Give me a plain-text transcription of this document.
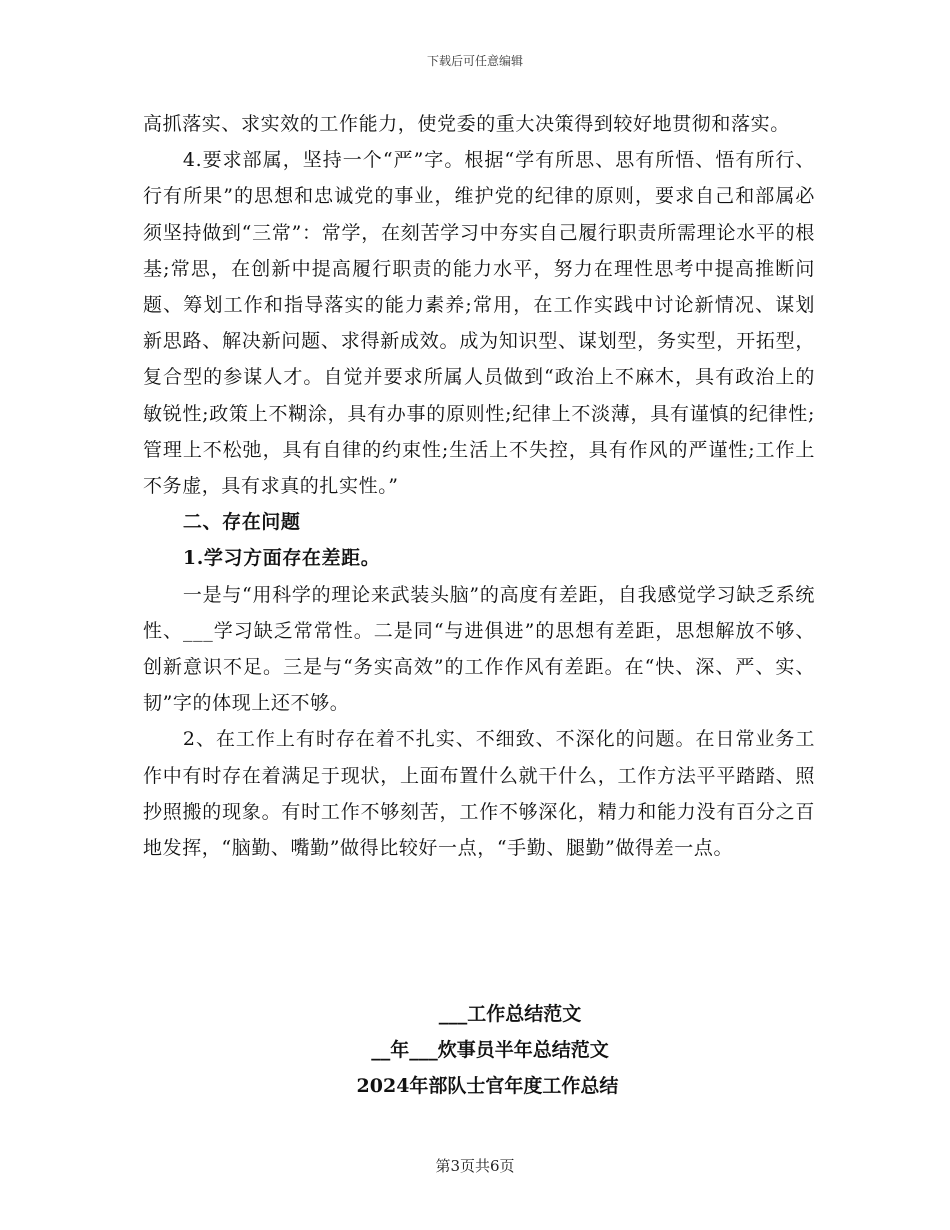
下载后可任意编辑

高抓落实、求实效的工作能力，使党委的重大决策得到较好地贯彻和落实。

4.要求部属，坚持一个“严”字。根据“学有所思、思有所悟、悟有所行、行有所果”的思想和忠诚党的事业，维护党的纪律的原则，要求自己和部属必须坚持做到“三常”：常学，在刻苦学习中夯实自己履行职责所需理论水平的根基;常思，在创新中提高履行职责的能力水平，努力在理性思考中提高推断问题、筹划工作和指导落实的能力素养;常用，在工作实践中讨论新情况、谋划新思路、解决新问题、求得新成效。成为知识型、谋划型，务实型，开拓型，复合型的参谋人才。自觉并要求所属人员做到“政治上不麻木，具有政治上的敏锐性;政策上不糊涂，具有办事的原则性;纪律上不淡薄，具有谨慎的纪律性;管理上不松弛，具有自律的约束性;生活上不失控，具有作风的严谨性;工作上不务虚，具有求真的扎实性。”

二、存在问题

1.学习方面存在差距。

一是与“用科学的理论来武装头脑”的高度有差距，自我感觉学习缺乏系统性、___学习缺乏常常性。二是同“与进俱进”的思想有差距，思想解放不够、创新意识不足。三是与“务实高效”的工作作风有差距。在“快、深、严、实、韧”字的体现上还不够。

2、在工作上有时存在着不扎实、不细致、不深化的问题。在日常业务工作中有时存在着满足于现状，上面布置什么就干什么，工作方法平平踏踏、照抄照搬的现象。有时工作不够刻苦，工作不够深化，精力和能力没有百分之百地发挥，“脑勤、嘴勤”做得比较好一点，“手勤、腿勤”做得差一点。

___工作总结范文
__年___炊事员半年总结范文
2024年部队士官年度工作总结
第3页共6页
